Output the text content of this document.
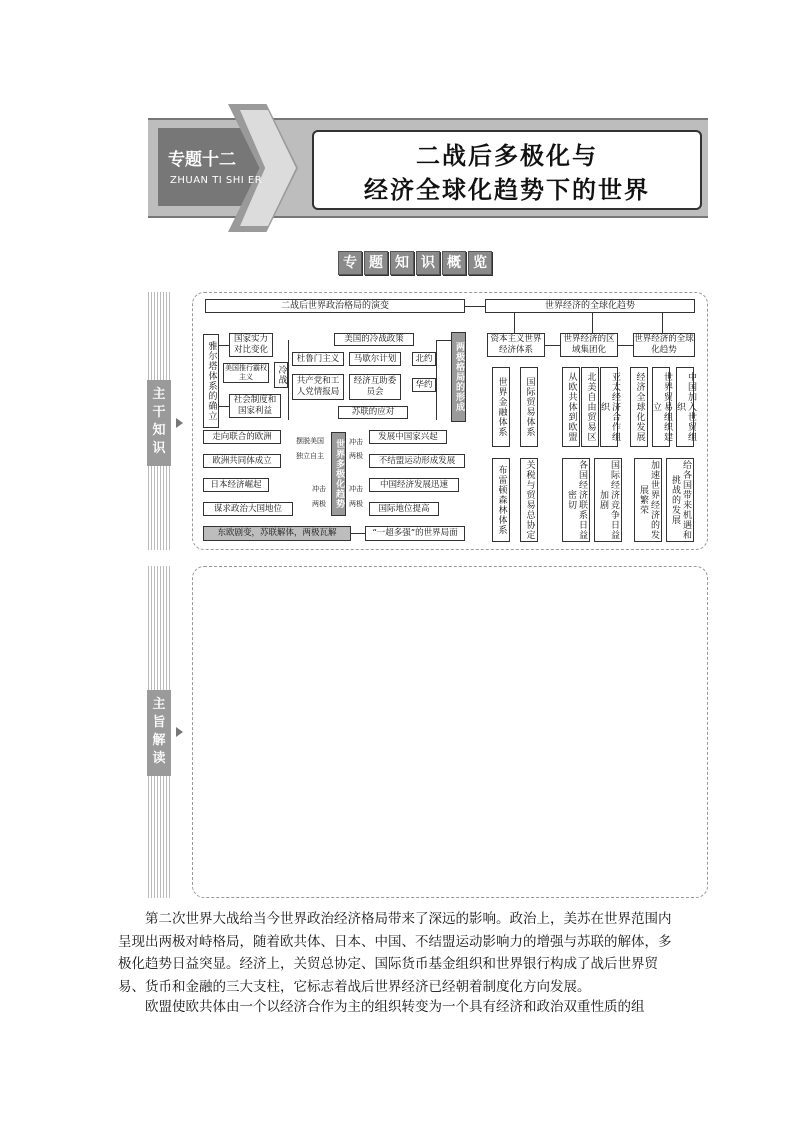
专题十二
ZHUAN TI SHI ER
二战后多极化与
经济全球化趋势下的世界
专 题 知 识 概 览
主干知识
主旨解读
二战后世界政治格局的演变
雅尔塔体系的确立
国家实力对比变化
美国推行霸权主义	冷战
社会制度和国家利益
美国的冷战政策
杜鲁门主义	马歇尔计划	北约
共产党和工人党情报局
经济互助委员会
华约
苏联的应对	两极格局的形成
走向联合的欧洲
欧洲共同体成立
摆脱美国
独立自主	世界多极化趋势 冲击
两极
发展中国家兴起
不结盟运动形成发展
日本经济崛起
谋求政治大国地位
冲击
两极
冲击
两极
中国经济发展迅速
国际地位提高
东欧剧变，苏联解体，两极瓦解	“一超多强”的世界局面
世界经济的全球化趋势
资本主义世界经济体系
世界经济的区域集团化
世界经济的全球化趋势
世界金融体系	国际贸易体系	从欧共体到欧盟	北美自由贸易区	亚太经济合作组织	经济全球化发展	世界贸易组织建立	中国加入世贸组织
布雷顿森林体系	关税与贸易总协定	各国经济联系日益密切	国际经济竞争日益加剧	加速世界经济的发展繁荣	给各国带来机遇和挑战的发展
第二次世界大战给当今世界政治经济格局带来了深远的影响。政治上，美苏在世界范围内呈现出两极对峙格局，随着欧共体、日本、中国、不结盟运动影响力的增强与苏联的解体，多极化趋势日益突显。经济上，关贸总协定、国际货币基金组织和世界银行构成了战后世界贸易、货币和金融的三大支柱，它标志着战后世界经济已经朝着制度化方向发展。
欧盟使欧共体由一个以经济合作为主的组织转变为一个具有经济和政治双重性质的组
